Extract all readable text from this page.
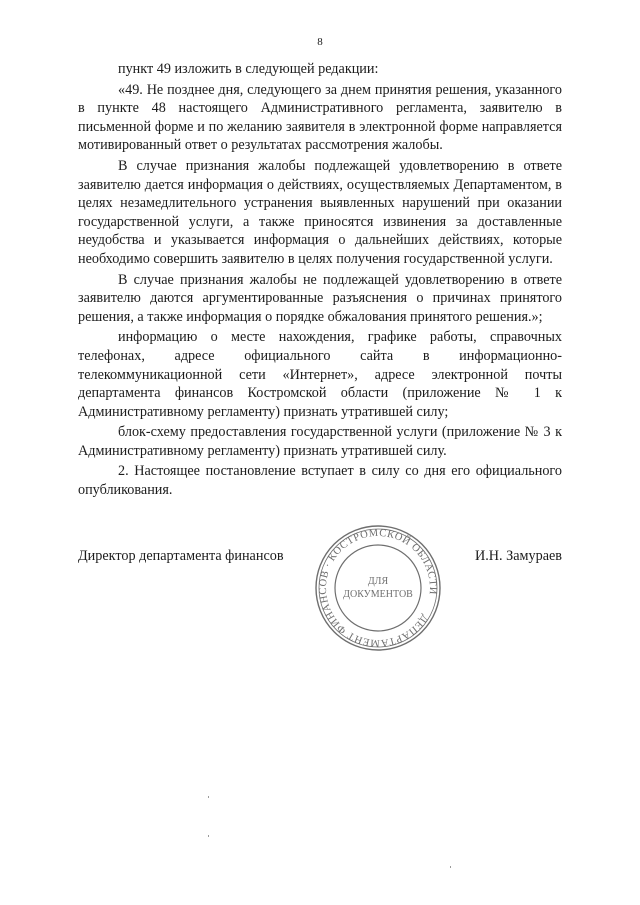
8

пункт 49 изложить в следующей редакции:

«49. Не позднее дня, следующего за днем принятия решения, указанного в пункте 48 настоящего Административного регламента, заявителю в письменной форме и по желанию заявителя в электронной форме направляется мотивированный ответ о результатах рассмотрения жалобы.

В случае признания жалобы подлежащей удовлетворению в ответе заявителю дается информация о действиях, осуществляемых Департаментом, в целях незамедлительного устранения выявленных нарушений при оказании государственной услуги, а также приносятся извинения за доставленные неудобства и указывается информация о дальнейших действиях, которые необходимо совершить заявителю в целях получения государственной услуги.

В случае признания жалобы не подлежащей удовлетворению в ответе заявителю даются аргументированные разъяснения о причинах принятого решения, а также информация о порядке обжалования принятого решения.»;

информацию о месте нахождения, графике работы, справочных телефонах, адресе официального сайта в информационно-телекоммуникационной сети «Интернет», адресе электронной почты департамента финансов Костромской области (приложение № 1 к Административному регламенту) признать утратившей силу;

блок-схему предоставления государственной услуги (приложение № 3 к Административному регламенту) признать утратившей силу.

2. Настоящее постановление вступает в силу со дня его официального опубликования.

Директор департамента финансов	И.Н. Замураев
ДЕПАРТАМЕНТ ФИНАНСОВ · КОСТРОМСКОЙ ОБЛАСТИ
ДЛЯ
ДОКУМЕНТОВ
